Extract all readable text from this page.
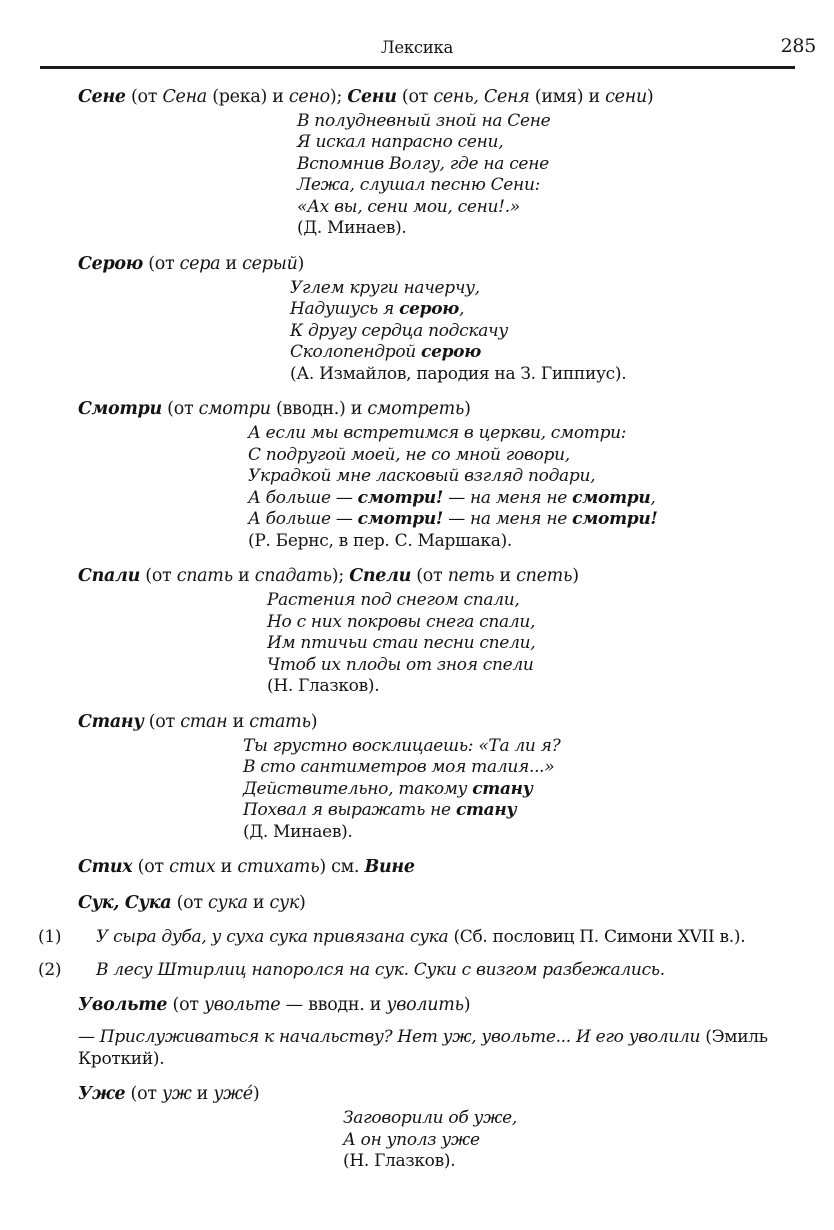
Лексика	285

Сене (от Сена (река) и сено); Сени (от сень, Сеня (имя) и сени)

В полудневный зной на Сене
Я искал напрасно сени,
Вспомнив Волгу, где на сене
Лежа, слушал песню Сени:
«Ах вы, сени мои, сени!.»
(Д. Минаев).

Серою (от сера и серый)

Углем круги начерчу,
Надушусь я серою,
К другу сердца подскачу
Сколопендрой серою
(А. Измайлов, пародия на З. Гиппиус).

Смотри (от смотри (вводн.) и смотреть)

А если мы встретимся в церкви, смотри:
С подругой моей, не со мной говори,
Украдкой мне ласковый взгляд подари,
А больше — смотри! — на меня не смотри,
А больше — смотри! — на меня не смотри!
(Р. Бернс, в пер. С. Маршака).

Спали (от спать и спадать); Спели (от петь и спеть)

Растения под снегом спали,
Но с них покровы снега спали,
Им птичьи стаи песни спели,
Чтоб их плоды от зноя спели
(Н. Глазков).

Стану (от стан и стать)

Ты грустно восклицаешь: «Та ли я?
В сто сантиметров моя талия...»
Действительно, такому стану
Похвал я выражать не стану
(Д. Минаев).

Стих (от стих и стихать) см. Вине

Сук, Сука (от сука и сук)

(1)	У сыра дуба, у суха сука привязана сука (Сб. пословиц П. Симони XVII в.).

(2)	В лесу Штирлиц напоролся на сук. Суки с визгом разбежались.

Увольте (от увольте — вводн. и уволить)

— Прислуживаться к начальству? Нет уж, увольте... И его уволили (Эмиль Кроткий).

Уже (от уж и уже́)

Заговорили об уже,
А он уполз уже
(Н. Глазков).
